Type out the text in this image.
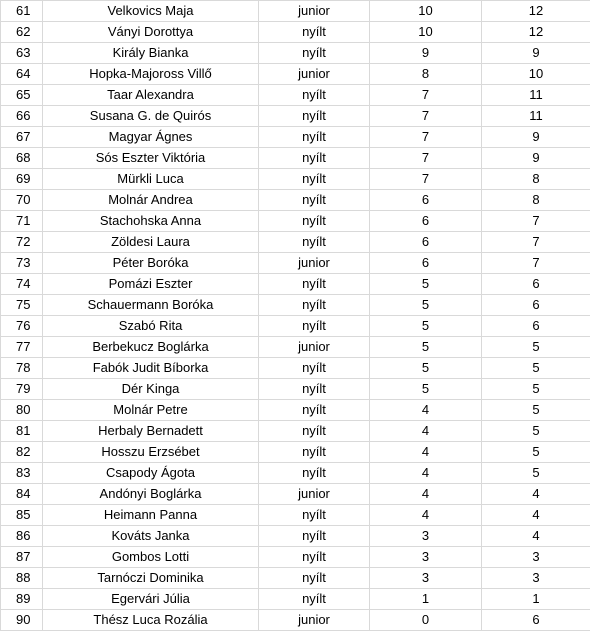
61	Velkovics Maja	junior	10	12
62	Ványi Dorottya	nyílt	10	12
63	Király Bianka	nyílt	9	9
64	Hopka-Majoross Villő	junior	8	10
65	Taar Alexandra	nyílt	7	11
66	Susana G. de Quirós	nyílt	7	11
67	Magyar Ágnes	nyílt	7	9
68	Sós Eszter Viktória	nyílt	7	9
69	Mürkli Luca	nyílt	7	8
70	Molnár Andrea	nyílt	6	8
71	Stachohska Anna	nyílt	6	7
72	Zöldesi Laura	nyílt	6	7
73	Péter Boróka	junior	6	7
74	Pomázi Eszter	nyílt	5	6
75	Schauermann Boróka	nyílt	5	6
76	Szabó Rita	nyílt	5	6
77	Berbekucz Boglárka	junior	5	5
78	Fabók Judit Bíborka	nyílt	5	5
79	Dér Kinga	nyílt	5	5
80	Molnár Petre	nyílt	4	5
81	Herbaly Bernadett	nyílt	4	5
82	Hosszu Erzsébet	nyílt	4	5
83	Csapody Ágota	nyílt	4	5
84	Andónyi Boglárka	junior	4	4
85	Heimann Panna	nyílt	4	4
86	Kováts Janka	nyílt	3	4
87	Gombos Lotti	nyílt	3	3
88	Tarnóczi Dominika	nyílt	3	3
89	Egervári Júlia	nyílt	1	1
90	Thész Luca Rozália	junior	0	6
